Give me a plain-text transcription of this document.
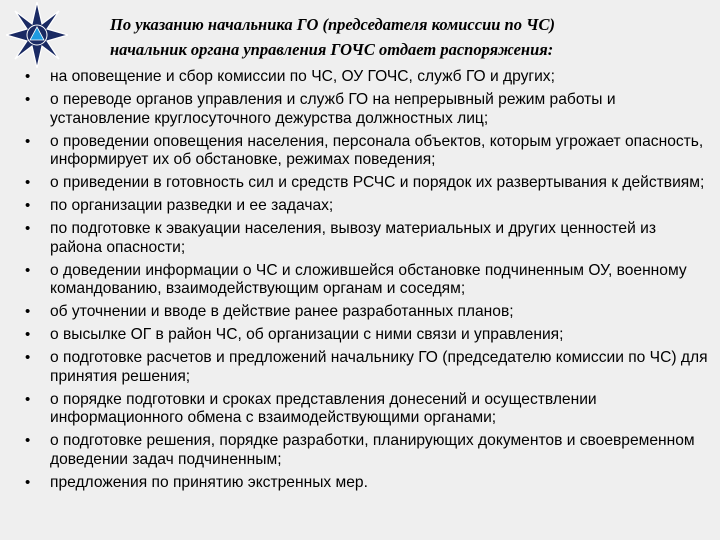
По указанию начальника ГО (председателя комиссии по ЧС)
начальник органа управления ГОЧС отдает распоряжения:
• на оповещение и сбор комиссии по ЧС, ОУ ГОЧС, служб ГО и других;
• о переводе органов управления и служб ГО на непрерывный режим работы и установление круглосуточного дежурства должностных лиц;
• о проведении оповещения населения, персонала объектов, которым угрожает опасность, информирует их об обстановке, режимах поведения;
• о приведении в готовность сил и средств РСЧС и порядок их развертывания к действиям;
• по организации разведки и ее задачах;
• по подготовке к эвакуации населения, вывозу материальных и других ценностей из района опасности;
• о доведении информации о ЧС и сложившейся обстановке подчиненным ОУ, военному командованию, взаимодействующим органам и соседям;
• об уточнении и вводе в действие ранее разработанных планов;
• о высылке ОГ в район ЧС, об организации с ними связи и управления;
• о подготовке расчетов и предложений начальнику ГО (председателю комиссии по ЧС) для принятия решения;
• о порядке подготовки и сроках представления донесений и осуществлении информационного обмена с взаимодействующими органами;
• о подготовке решения, порядке разработки, планирующих документов и своевременном доведении задач подчиненным;
• предложения по принятию экстренных мер.
